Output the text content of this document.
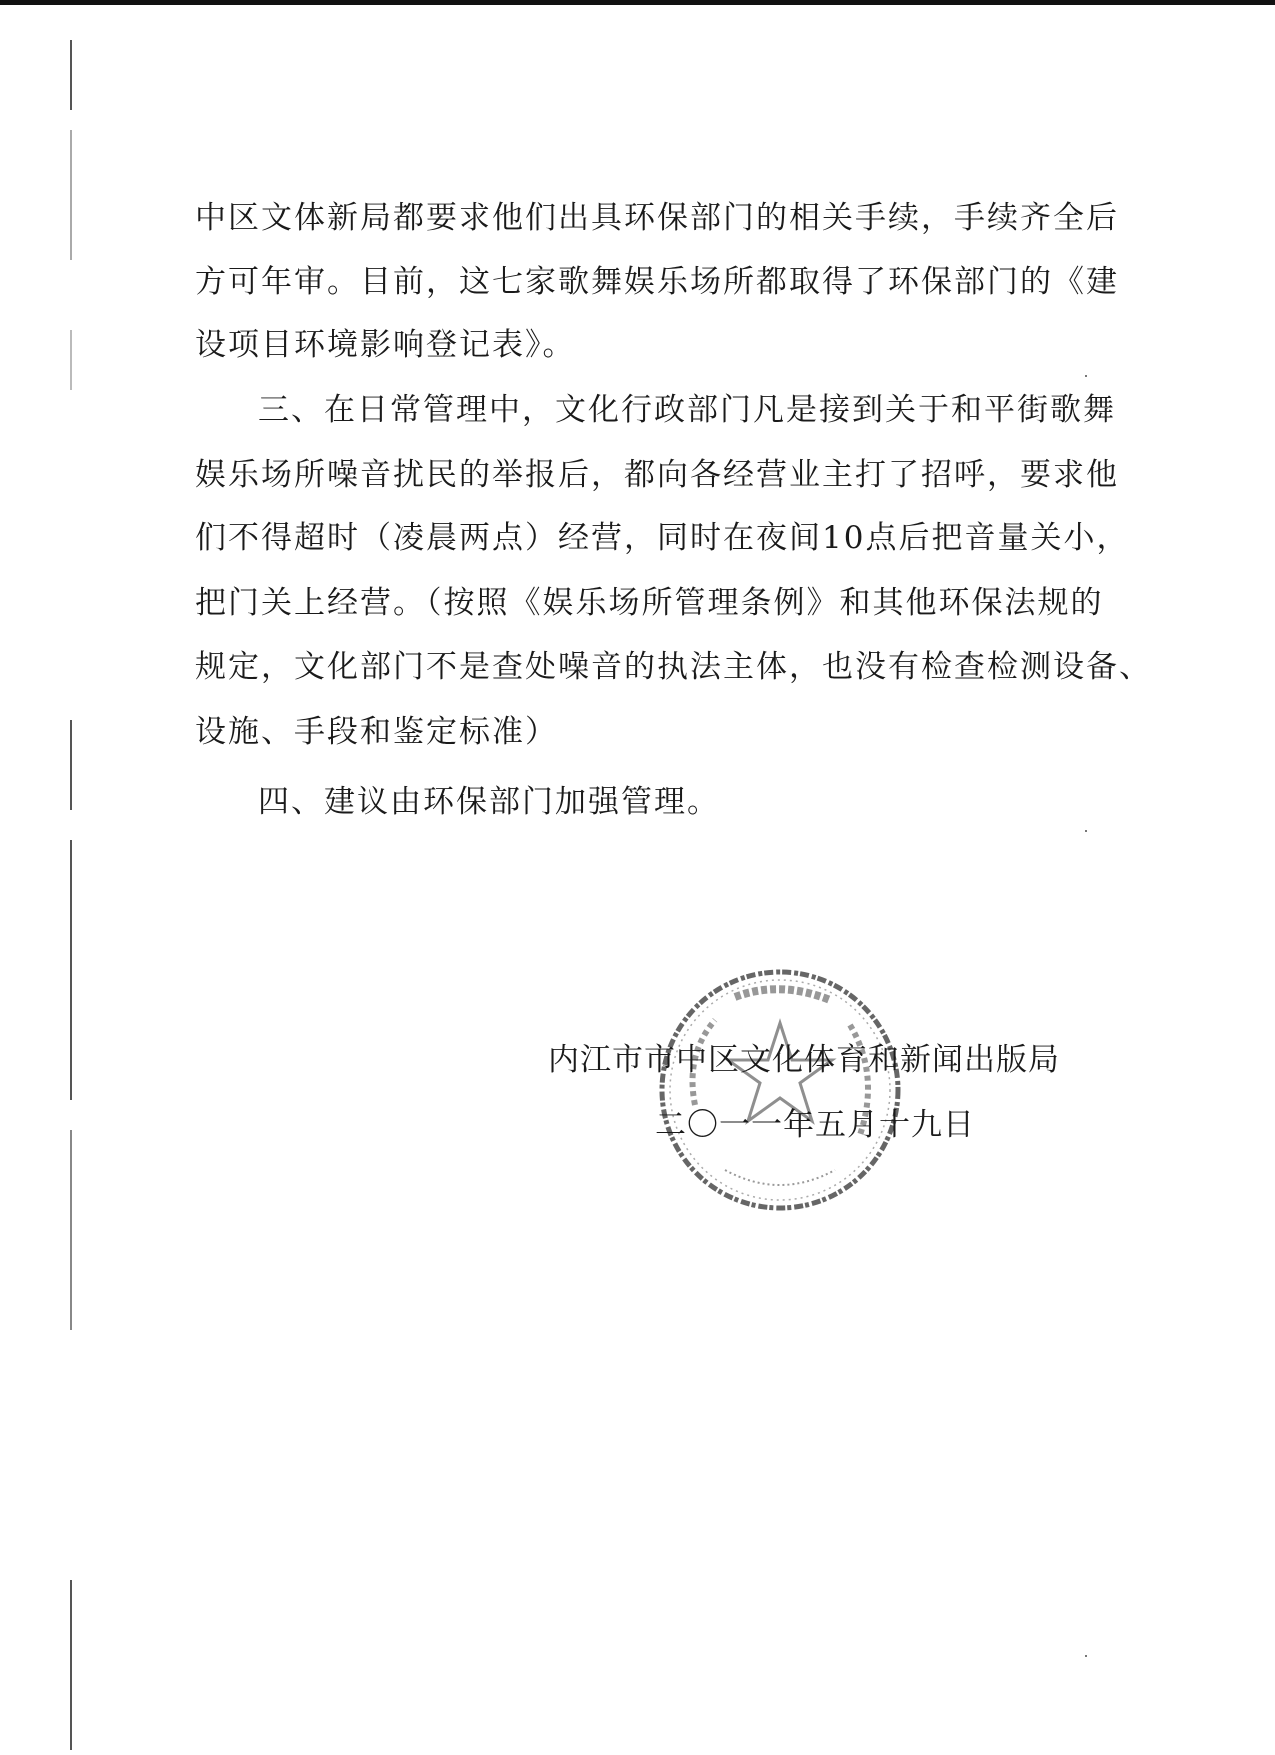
中区文体新局都要求他们出具环保部门的相关手续，手续齐全后
方可年审。目前，这七家歌舞娱乐场所都取得了环保部门的《建
设项目环境影响登记表》。
三、在日常管理中，文化行政部门凡是接到关于和平街歌舞
娱乐场所噪音扰民的举报后，都向各经营业主打了招呼，要求他
们不得超时（凌晨两点）经营，同时在夜间10点后把音量关小，
把门关上经营。（按照《娱乐场所管理条例》和其他环保法规的
规定，文化部门不是查处噪音的执法主体，也没有检查检测设备、
设施、手段和鉴定标准）
四、建议由环保部门加强管理。
内江市市中区文化体育和新闻出版局
二〇一一年五月十九日
